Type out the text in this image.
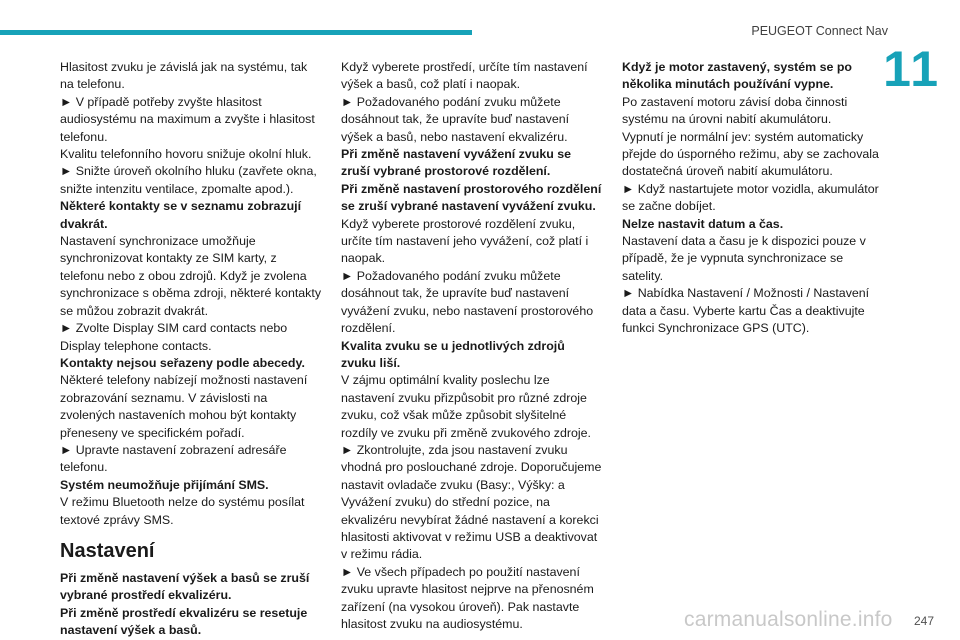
PEUGEOT Connect Nav
11

Hlasitost zvuku je závislá jak na systému, tak na telefonu.

► V případě potřeby zvyšte hlasitost audiosystému na maximum a zvyšte i hlasitost telefonu.

Kvalitu telefonního hovoru snižuje okolní hluk.

► Snižte úroveň okolního hluku (zavřete okna, snižte intenzitu ventilace, zpomalte apod.).

Některé kontakty se v seznamu zobrazují dvakrát.

Nastavení synchronizace umožňuje synchronizovat kontakty ze SIM karty, z telefonu nebo z obou zdrojů. Když je zvolena synchronizace s oběma zdroji, některé kontakty se můžou zobrazit dvakrát.

► Zvolte Display SIM card contacts nebo Display telephone contacts.

Kontakty nejsou seřazeny podle abecedy.

Některé telefony nabízejí možnosti nastavení zobrazování seznamu. V závislosti na zvolených nastaveních mohou být kontakty přeneseny ve specifickém pořadí.

► Upravte nastavení zobrazení adresáře telefonu.

Systém neumožňuje přijímání SMS.

V režimu Bluetooth nelze do systému posílat textové zprávy SMS.

Nastavení

Při změně nastavení výšek a basů se zruší vybrané prostředí ekvalizéru.

Při změně prostředí ekvalizéru se resetuje nastavení výšek a basů.

Když vyberete prostředí, určíte tím nastavení výšek a basů, což platí i naopak.

► Požadovaného podání zvuku můžete dosáhnout tak, že upravíte buď nastavení výšek a basů, nebo nastavení ekvalizéru.

Při změně nastavení vyvážení zvuku se zruší vybrané prostorové rozdělení.

Při změně nastavení prostorového rozdělení se zruší vybrané nastavení vyvážení zvuku.

Když vyberete prostorové rozdělení zvuku, určíte tím nastavení jeho vyvážení, což platí i naopak.

► Požadovaného podání zvuku můžete dosáhnout tak, že upravíte buď nastavení vyvážení zvuku, nebo nastavení prostorového rozdělení.

Kvalita zvuku se u jednotlivých zdrojů zvuku liší.

V zájmu optimální kvality poslechu lze nastavení zvuku přizpůsobit pro různé zdroje zvuku, což však může způsobit slyšitelné rozdíly ve zvuku při změně zvukového zdroje.

► Zkontrolujte, zda jsou nastavení zvuku vhodná pro poslouchané zdroje. Doporučujeme nastavit ovladače zvuku (Basy:, Výšky: a Vyvážení zvuku) do střední pozice, na ekvalizéru nevybírat žádné nastavení a korekci hlasitosti aktivovat v režimu USB a deaktivovat v režimu rádia.

► Ve všech případech po použití nastavení zvuku upravte hlasitost nejprve na přenosném zařízení (na vysokou úroveň). Pak nastavte hlasitost zvuku na audiosystému.

Když je motor zastavený, systém se po několika minutách používání vypne.

Po zastavení motoru závisí doba činnosti systému na úrovni nabití akumulátoru.

Vypnutí je normální jev: systém automaticky přejde do úsporného režimu, aby se zachovala dostatečná úroveň nabití akumulátoru.

► Když nastartujete motor vozidla, akumulátor se začne dobíjet.

Nelze nastavit datum a čas.

Nastavení data a času je k dispozici pouze v případě, že je vypnuta synchronizace se satelity.

► Nabídka Nastavení / Možnosti / Nastavení data a času. Vyberte kartu Čas a deaktivujte funkci Synchronizace GPS (UTC).

carmanualsonline.info 247
